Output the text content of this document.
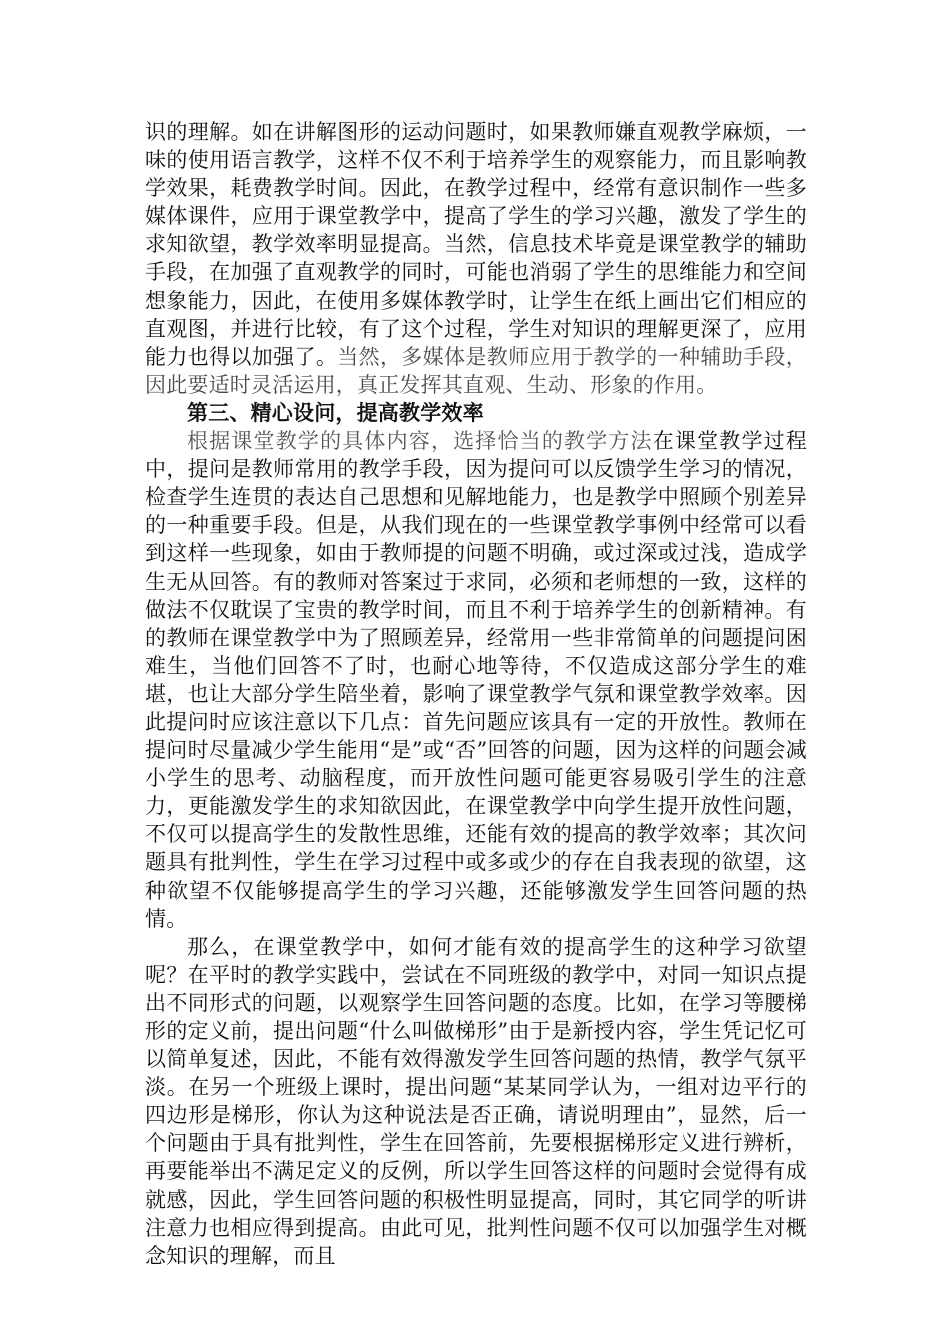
识的理解。如在讲解图形的运动问题时，如果教师嫌直观教学麻烦，一味的使用语言教学，这样不仅不利于培养学生的观察能力，而且影响教学效果，耗费教学时间。因此，在教学过程中，经常有意识制作一些多媒体课件，应用于课堂教学中，提高了学生的学习兴趣，激发了学生的求知欲望，教学效率明显提高。当然，信息技术毕竟是课堂教学的辅助手段，在加强了直观教学的同时，可能也消弱了学生的思维能力和空间想象能力，因此，在使用多媒体教学时，让学生在纸上画出它们相应的直观图，并进行比较，有了这个过程，学生对知识的理解更深了，应用能力也得以加强了。当然，多媒体是教师应用于教学的一种辅助手段，因此要适时灵活运用，真正发挥其直观、生动、形象的作用。

第三、精心设问，提高教学效率

根据课堂教学的具体内容，选择恰当的教学方法在课堂教学过程中，提问是教师常用的教学手段，因为提问可以反馈学生学习的情况，检查学生连贯的表达自己思想和见解地能力，也是教学中照顾个别差异的一种重要手段。但是，从我们现在的一些课堂教学事例中经常可以看到这样一些现象，如由于教师提的问题不明确，或过深或过浅，造成学生无从回答。有的教师对答案过于求同，必须和老师想的一致，这样的做法不仅耽误了宝贵的教学时间，而且不利于培养学生的创新精神。有的教师在课堂教学中为了照顾差异，经常用一些非常简单的问题提问困难生，当他们回答不了时，也耐心地等待，不仅造成这部分学生的难堪，也让大部分学生陪坐着，影响了课堂教学气氛和课堂教学效率。因此提问时应该注意以下几点：首先问题应该具有一定的开放性。教师在提问时尽量减少学生能用“是”或“否”回答的问题，因为这样的问题会减小学生的思考、动脑程度，而开放性问题可能更容易吸引学生的注意力，更能激发学生的求知欲因此，在课堂教学中向学生提开放性问题，不仅可以提高学生的发散性思维，还能有效的提高的教学效率；其次问题具有批判性，学生在学习过程中或多或少的存在自我表现的欲望，这种欲望不仅能够提高学生的学习兴趣，还能够激发学生回答问题的热情。

那么，在课堂教学中，如何才能有效的提高学生的这种学习欲望呢？在平时的教学实践中，尝试在不同班级的教学中，对同一知识点提出不同形式的问题，以观察学生回答问题的态度。比如，在学习等腰梯形的定义前，提出问题“什么叫做梯形”由于是新授内容，学生凭记忆可以简单复述，因此，不能有效得激发学生回答问题的热情，教学气氛平淡。在另一个班级上课时，提出问题“某某同学认为，一组对边平行的四边形是梯形，你认为这种说法是否正确，请说明理由”，显然，后一个问题由于具有批判性，学生在回答前，先要根据梯形定义进行辨析，再要能举出不满足定义的反例，所以学生回答这样的问题时会觉得有成就感，因此，学生回答问题的积极性明显提高，同时，其它同学的听讲注意力也相应得到提高。由此可见，批判性问题不仅可以加强学生对概念知识的理解，而且
